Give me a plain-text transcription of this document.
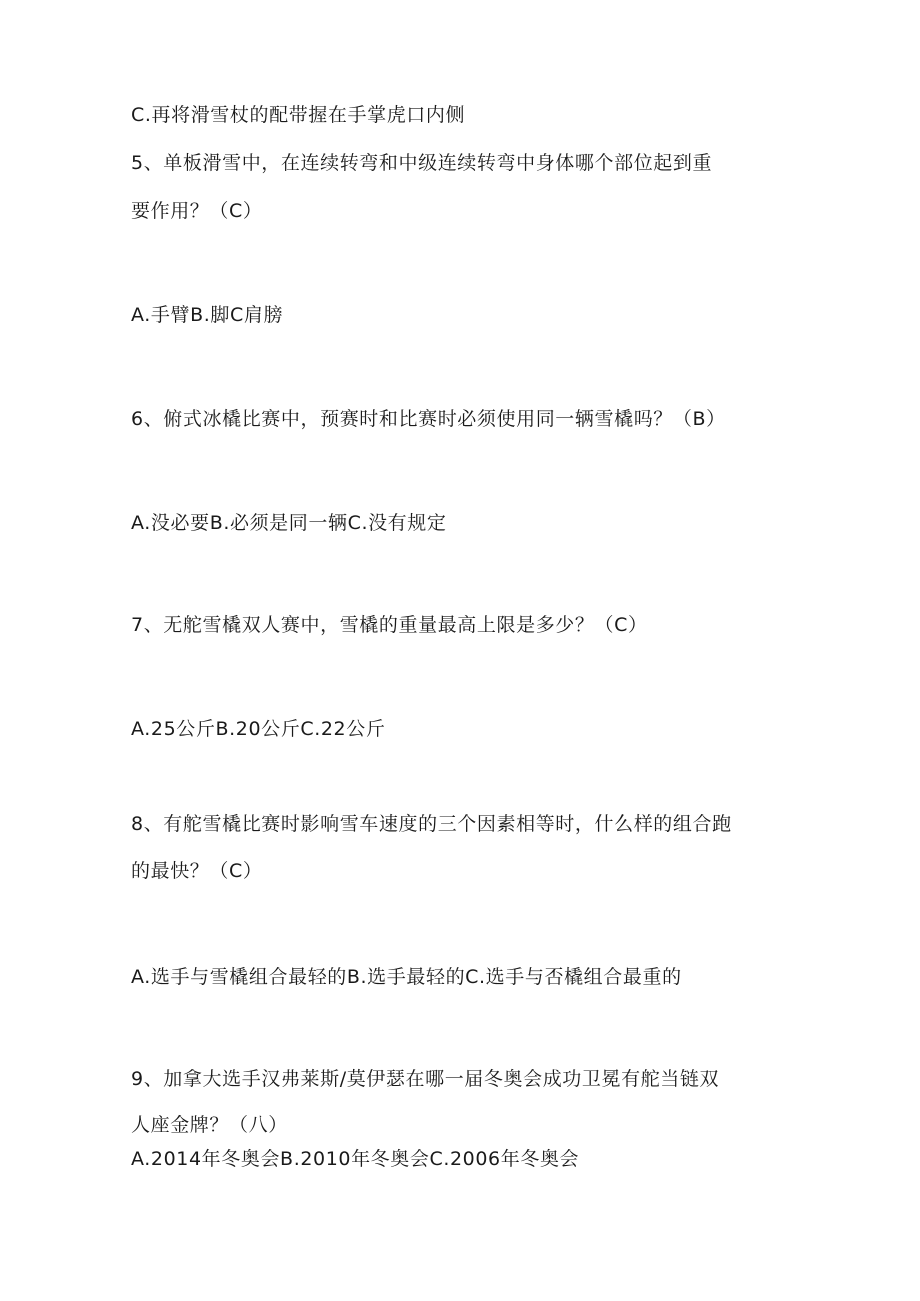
C.再将滑雪杖的配带握在手掌虎口内侧
5、单板滑雪中，在连续转弯和中级连续转弯中身体哪个部位起到重
要作用？（C）
A.手臂B.脚C肩膀
6、俯式冰橇比赛中，预赛时和比赛时必须使用同一辆雪橇吗？（B）
A.没必要B.必须是同一辆C.没有规定
7、无舵雪橇双人赛中，雪橇的重量最高上限是多少？（C）
A.25公斤B.20公斤C.22公斤
8、有舵雪橇比赛时影响雪车速度的三个因素相等时，什么样的组合跑
的最快？（C）
A.选手与雪橇组合最轻的B.选手最轻的C.选手与否橇组合最重的
9、加拿大选手汉弗莱斯/莫伊瑟在哪一届冬奥会成功卫冕有舵当链双
人座金牌？（八）
A.2014年冬奥会B.2010年冬奥会C.2006年冬奥会
